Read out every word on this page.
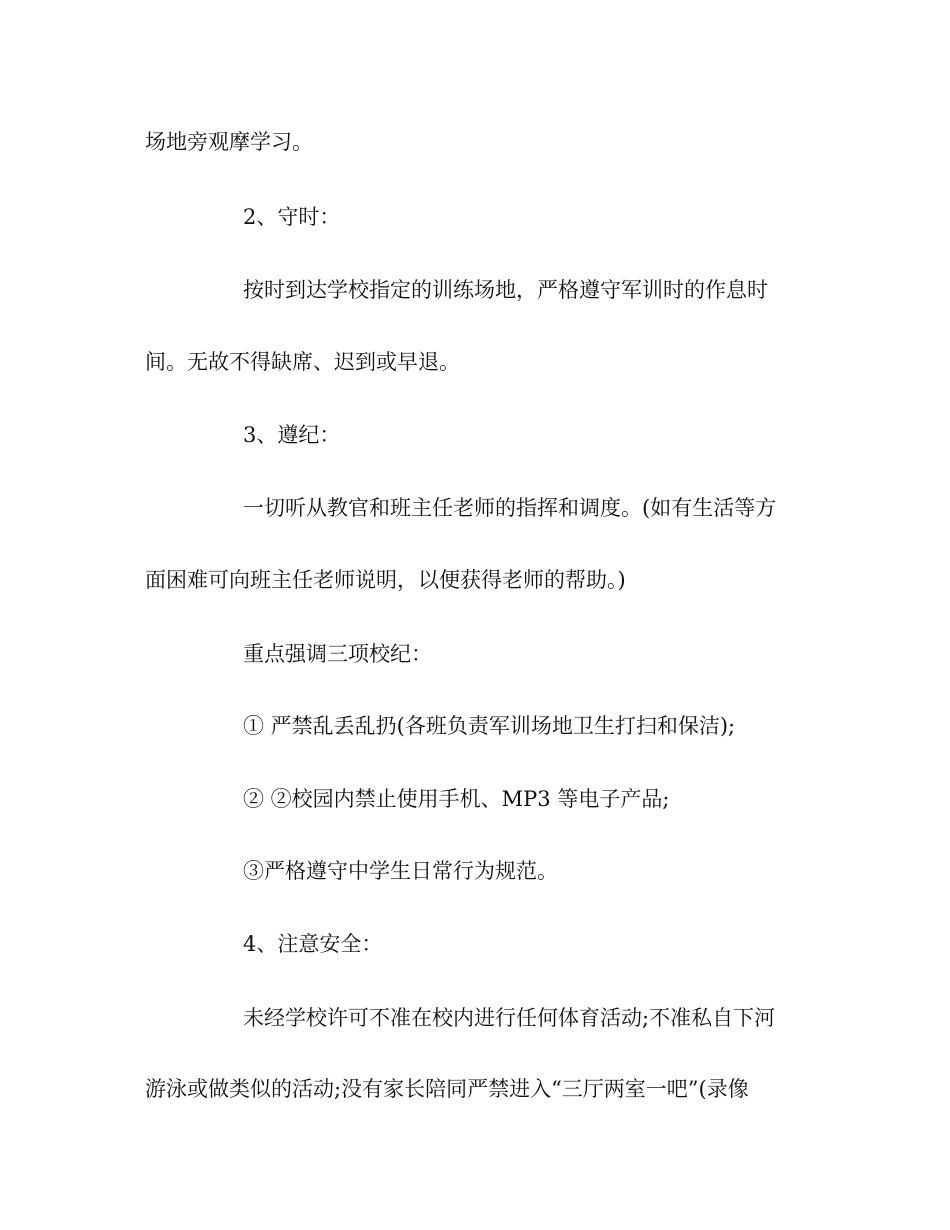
场地旁观摩学习。
2、守时：
按时到达学校指定的训练场地，严格遵守军训时的作息时
间。无故不得缺席、迟到或早退。
3、遵纪：
一切听从教官和班主任老师的指挥和调度。(如有生活等方
面困难可向班主任老师说明，以便获得老师的帮助。)
重点强调三项校纪：
① 严禁乱丢乱扔(各班负责军训场地卫生打扫和保洁);
② ②校园内禁止使用手机、MP3 等电子产品;
③严格遵守中学生日常行为规范。
4、注意安全：
未经学校许可不准在校内进行任何体育活动;不准私自下河
游泳或做类似的活动;没有家长陪同严禁进入“三厅两室一吧”(录像
